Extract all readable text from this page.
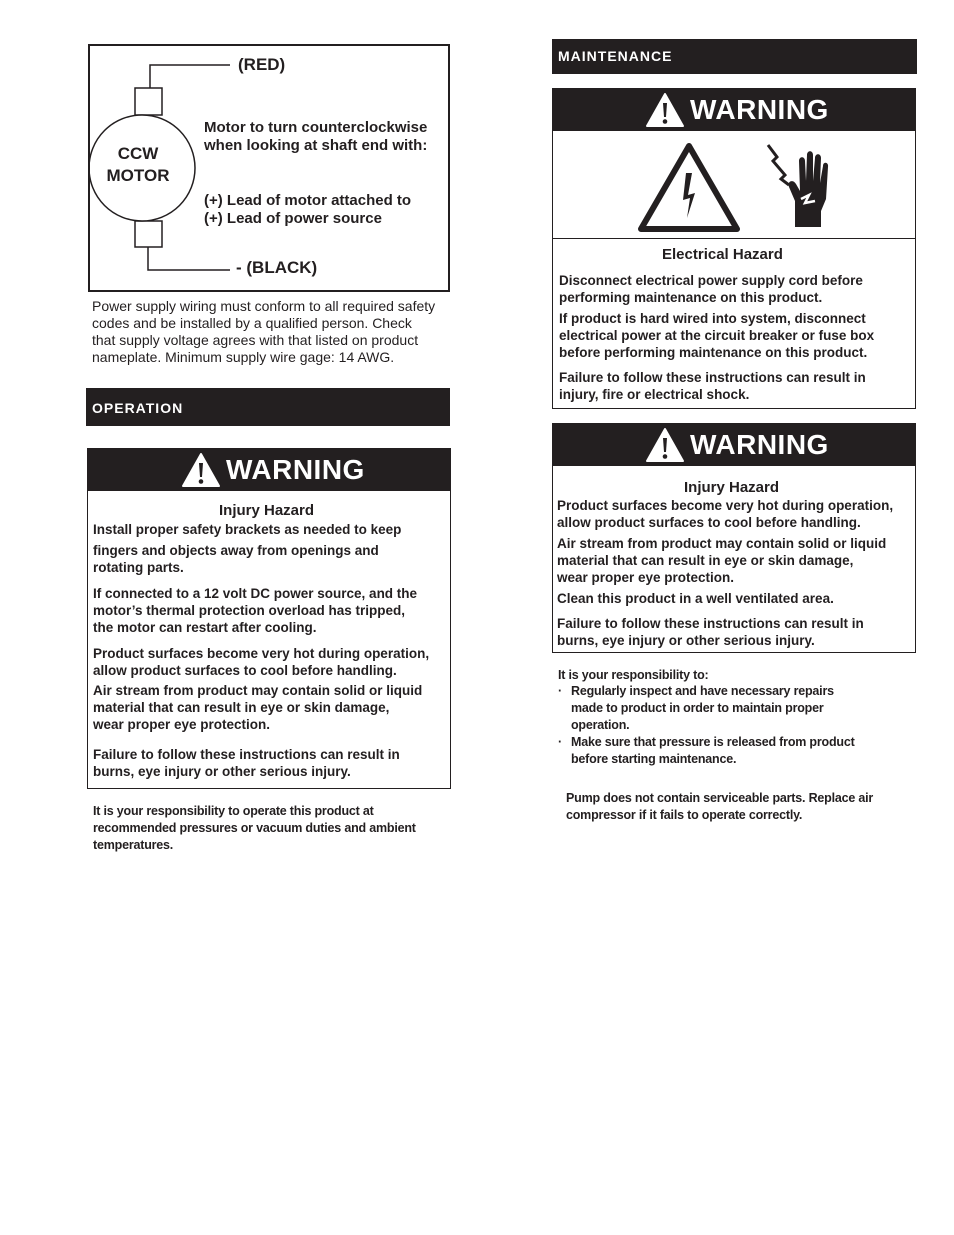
CCW
MOTOR
(RED)
- (BLACK)
Motor to turn counterclockwise
when looking at shaft end with:
(+) Lead of motor attached to
(+) Lead of power source
Power supply wiring must conform to all required safety
codes and be installed by a qualified person. Check
that supply voltage agrees with that listed on product
nameplate. Minimum supply wire gage: 14 AWG.
OPERATION
WARNING
Injury Hazard
Install proper safety brackets as needed to keep
fingers and objects away from openings and
rotating parts.
If connected to a 12 volt DC power source, and the
motor’s thermal protection overload has tripped,
the motor can restart after cooling.
Product surfaces become very hot during operation,
allow product surfaces to cool before handling.
Air stream from product may contain solid or liquid
material that can result in eye or skin damage,
wear proper eye protection.
Failure to follow these instructions can result in
burns, eye injury or other serious injury.
It is your responsibility to operate this product at
recommended pressures or vacuum duties and ambient
temperatures.
MAINTENANCE
WARNING
Electrical Hazard
Disconnect electrical power supply cord before
performing maintenance on this product.
If product is hard wired into system, disconnect
electrical power at the circuit breaker or fuse box
before performing maintenance on this product.
Failure to follow these instructions can result in
injury, fire or electrical shock.
WARNING
Injury Hazard
Product surfaces become very hot during operation,
allow product surfaces to cool before handling.
Air stream from product may contain solid or liquid
material that can result in eye or skin damage,
wear proper eye protection.
Clean this product in a well ventilated area.
Failure to follow these instructions can result in
burns, eye injury or other serious injury.
It is your responsibility to:
· Regularly inspect and have necessary repairs
made to product in order to maintain proper
operation.
· Make sure that pressure is released from product
before starting maintenance.
Pump does not contain serviceable parts. Replace air
compressor if it fails to operate correctly.
